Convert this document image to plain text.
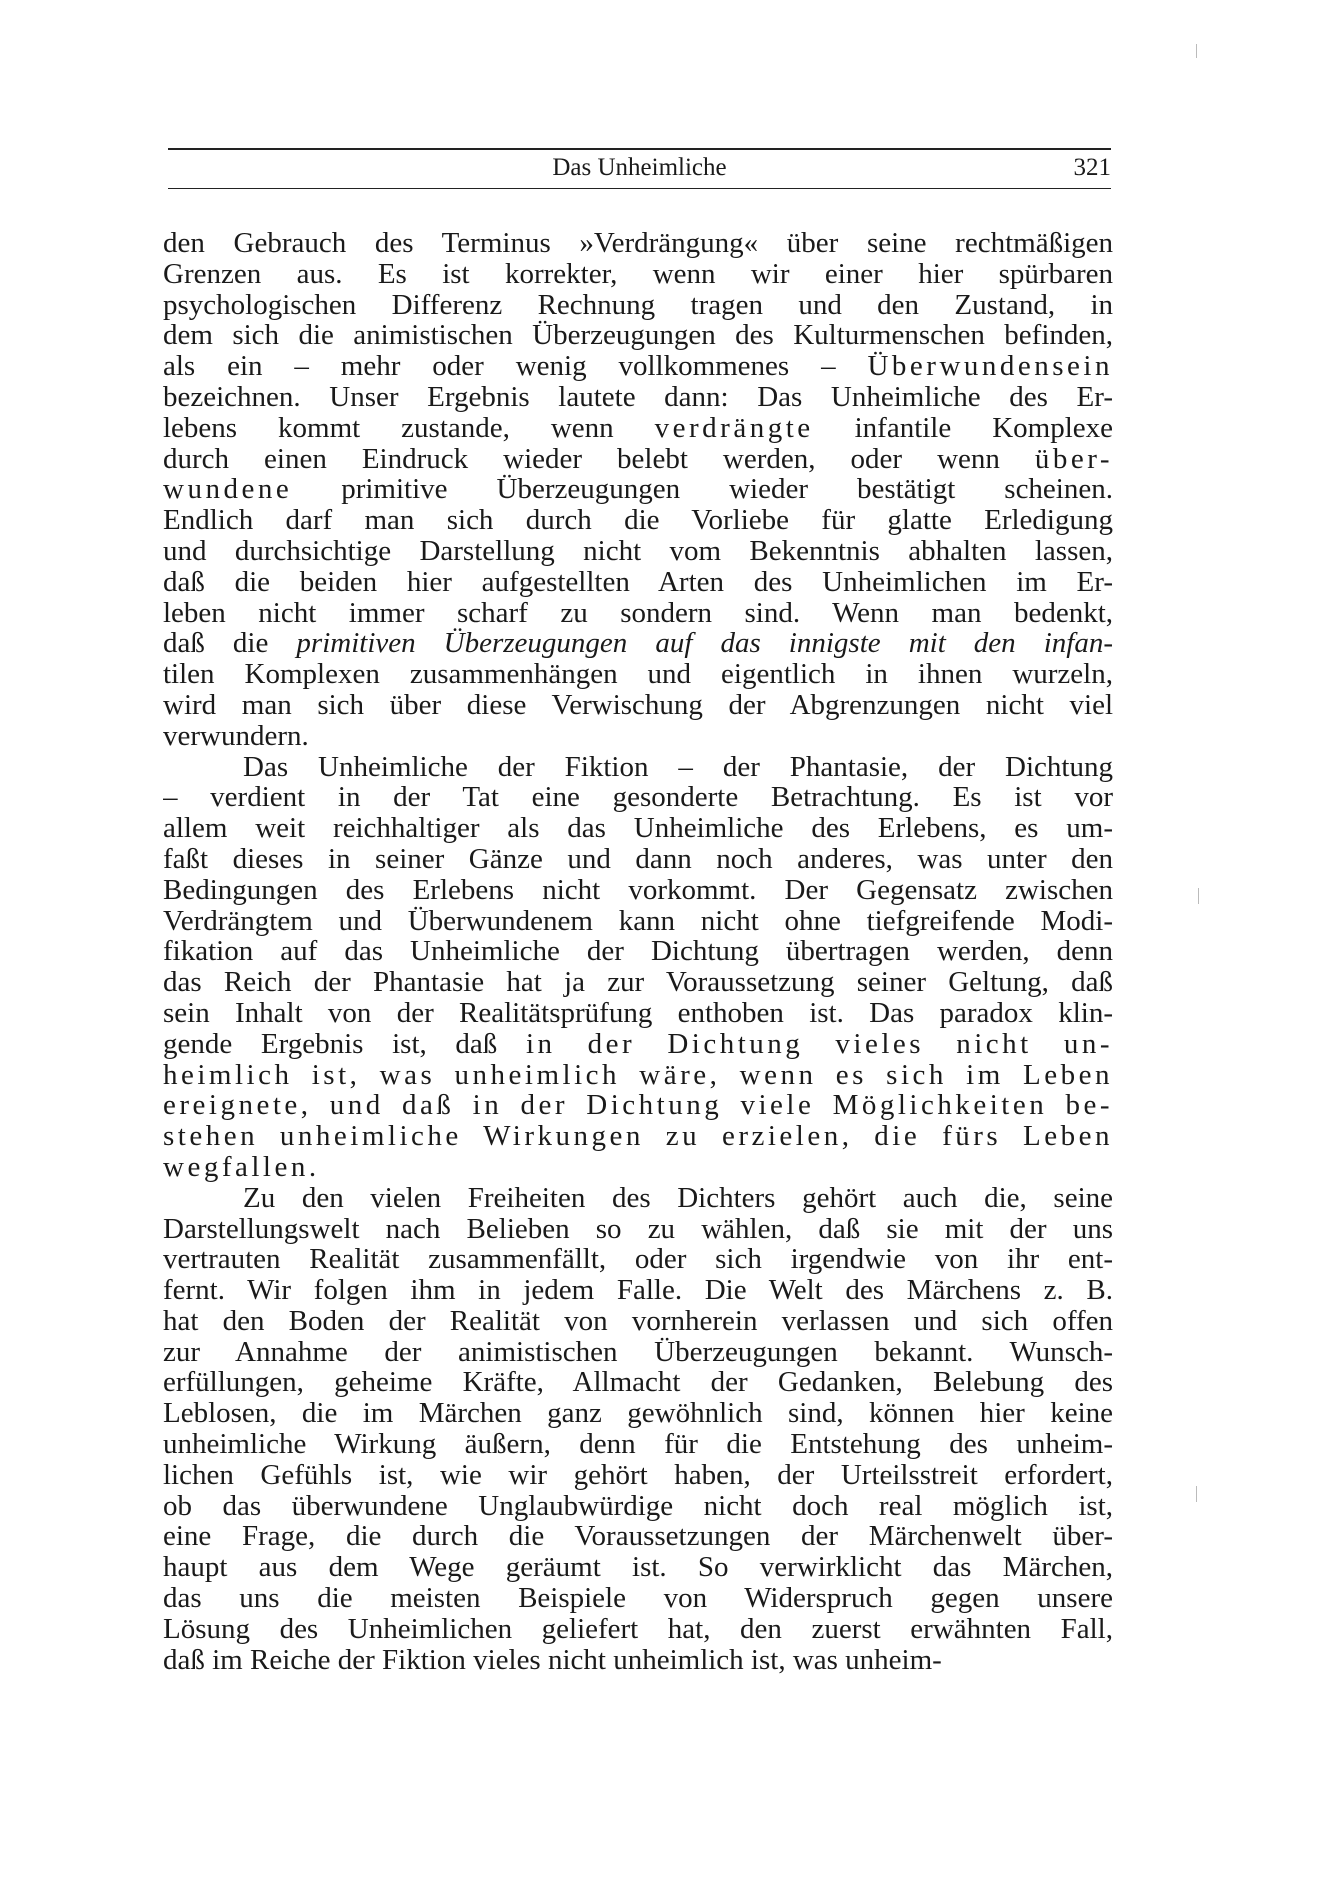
Das Unheimliche	321
den Gebrauch des Terminus »Verdrängung« über seine rechtmäßigen
Grenzen aus. Es ist korrekter, wenn wir einer hier spürbaren
psychologischen Differenz Rechnung tragen und den Zustand, in
dem sich die animistischen Überzeugungen des Kulturmenschen befinden,
als ein – mehr oder wenig vollkommenes – Überwundensein
bezeichnen. Unser Ergebnis lautete dann: Das Unheimliche des Er-
lebens kommt zustande, wenn verdrängte infantile Komplexe
durch einen Eindruck wieder belebt werden, oder wenn über-
wundene primitive Überzeugungen wieder bestätigt scheinen.
Endlich darf man sich durch die Vorliebe für glatte Erledigung
und durchsichtige Darstellung nicht vom Bekenntnis abhalten lassen,
daß die beiden hier aufgestellten Arten des Unheimlichen im Er-
leben nicht immer scharf zu sondern sind. Wenn man bedenkt,
daß die primitiven Überzeugungen auf das innigste mit den infan-
tilen Komplexen zusammenhängen und eigentlich in ihnen wurzeln,
wird man sich über diese Verwischung der Abgrenzungen nicht viel
verwundern.
Das Unheimliche der Fiktion – der Phantasie, der Dichtung
– verdient in der Tat eine gesonderte Betrachtung. Es ist vor
allem weit reichhaltiger als das Unheimliche des Erlebens, es um-
faßt dieses in seiner Gänze und dann noch anderes, was unter den
Bedingungen des Erlebens nicht vorkommt. Der Gegensatz zwischen
Verdrängtem und Überwundenem kann nicht ohne tiefgreifende Modi-
fikation auf das Unheimliche der Dichtung übertragen werden, denn
das Reich der Phantasie hat ja zur Voraussetzung seiner Geltung, daß
sein Inhalt von der Realitätsprüfung enthoben ist. Das paradox klin-
gende Ergebnis ist, daß in der Dichtung vieles nicht un-
heimlich ist, was unheimlich wäre, wenn es sich im Leben
ereignete, und daß in der Dichtung viele Möglichkeiten be-
stehen unheimliche Wirkungen zu erzielen, die fürs Leben
wegfallen.
Zu den vielen Freiheiten des Dichters gehört auch die, seine
Darstellungswelt nach Belieben so zu wählen, daß sie mit der uns
vertrauten Realität zusammenfällt, oder sich irgendwie von ihr ent-
fernt. Wir folgen ihm in jedem Falle. Die Welt des Märchens z. B.
hat den Boden der Realität von vornherein verlassen und sich offen
zur Annahme der animistischen Überzeugungen bekannt. Wunsch-
erfüllungen, geheime Kräfte, Allmacht der Gedanken, Belebung des
Leblosen, die im Märchen ganz gewöhnlich sind, können hier keine
unheimliche Wirkung äußern, denn für die Entstehung des unheim-
lichen Gefühls ist, wie wir gehört haben, der Urteilsstreit erfordert,
ob das überwundene Unglaubwürdige nicht doch real möglich ist,
eine Frage, die durch die Voraussetzungen der Märchenwelt über-
haupt aus dem Wege geräumt ist. So verwirklicht das Märchen,
das uns die meisten Beispiele von Widerspruch gegen unsere
Lösung des Unheimlichen geliefert hat, den zuerst erwähnten Fall,
daß im Reiche der Fiktion vieles nicht unheimlich ist, was unheim-
